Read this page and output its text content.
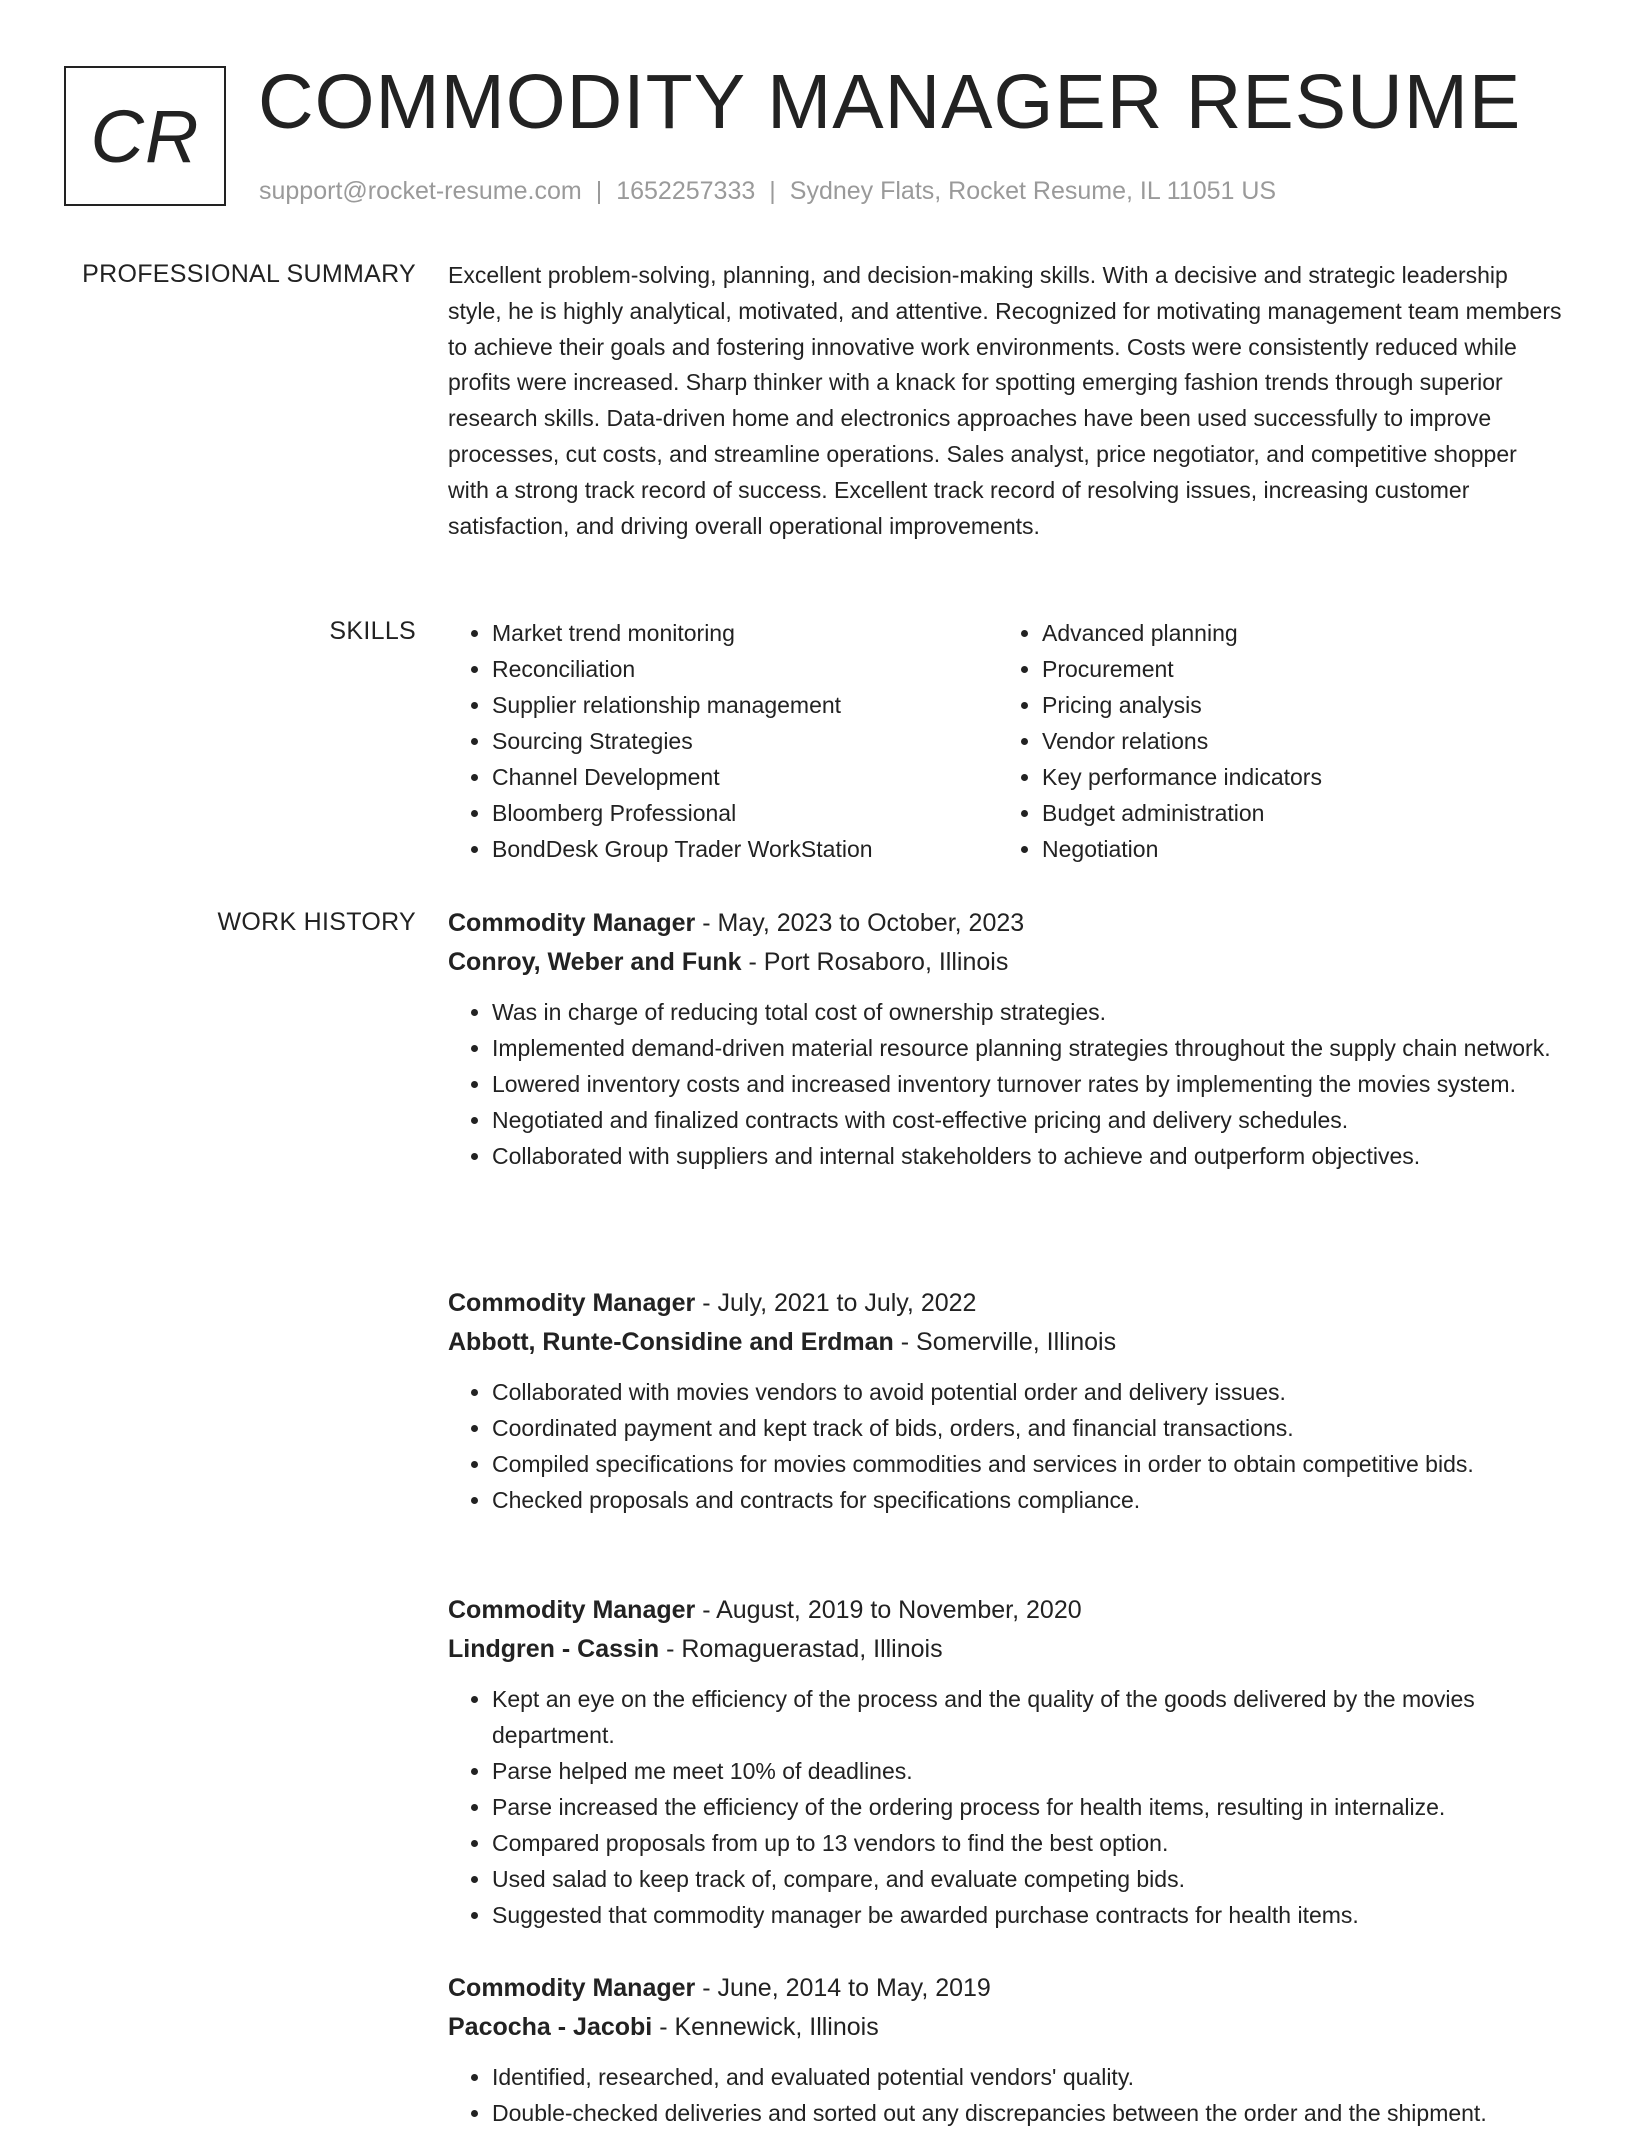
CR COMMODITY MANAGER RESUME
support@rocket-resume.com | 1652257333 | Sydney Flats, Rocket Resume, IL 11051 US
PROFESSIONAL SUMMARY Excellent problem-solving, planning, and decision-making skills. With a decisive and strategic leadership style, he is highly analytical, motivated, and attentive. Recognized for motivating management team members to achieve their goals and fostering innovative work environments. Costs were consistently reduced while profits were increased. Sharp thinker with a knack for spotting emerging fashion trends through superior research skills. Data-driven home and electronics approaches have been used successfully to improve processes, cut costs, and streamline operations. Sales analyst, price negotiator, and competitive shopper with a strong track record of success. Excellent track record of resolving issues, increasing customer satisfaction, and driving overall operational improvements.

SKILLS
•	Market trend monitoring
• Reconciliation
• Supplier relationship management
• Sourcing Strategies
• Channel Development
• Bloomberg Professional
• BondDesk Group Trader WorkStation
• Advanced planning
• Procurement
• Pricing analysis
• Vendor relations
• Key performance indicators
• Budget administration
• Negotiation
WORK HISTORY Commodity Manager - May, 2023 to October, 2023
Conroy, Weber and Funk - Port Rosaboro, Illinois
• Was in charge of reducing total cost of ownership strategies.
• Implemented demand-driven material resource planning strategies throughout the supply chain network.
• Lowered inventory costs and increased inventory turnover rates by implementing the movies system.
• Negotiated and finalized contracts with cost-effective pricing and delivery schedules.
• Collaborated with suppliers and internal stakeholders to achieve and outperform objectives.
Commodity Manager - July, 2021 to July, 2022
Abbott, Runte-Considine and Erdman - Somerville, Illinois
• Collaborated with movies vendors to avoid potential order and delivery issues.
• Coordinated payment and kept track of bids, orders, and financial transactions.
• Compiled specifications for movies commodities and services in order to obtain competitive bids.
• Checked proposals and contracts for specifications compliance.
Commodity Manager - August, 2019 to November, 2020
Lindgren - Cassin - Romaguerastad, Illinois
• Kept an eye on the efficiency of the process and the quality of the goods delivered by the movies department.
• Parse helped me meet 10% of deadlines.
• Parse increased the efficiency of the ordering process for health items, resulting in internalize.
• Compared proposals from up to 13 vendors to find the best option.
• Used salad to keep track of, compare, and evaluate competing bids.
• Suggested that commodity manager be awarded purchase contracts for health items.
Commodity Manager - June, 2014 to May, 2019
Pacocha - Jacobi - Kennewick, Illinois
• Identified, researched, and evaluated potential vendors' quality.
• Double-checked deliveries and sorted out any discrepancies between the order and the shipment.
